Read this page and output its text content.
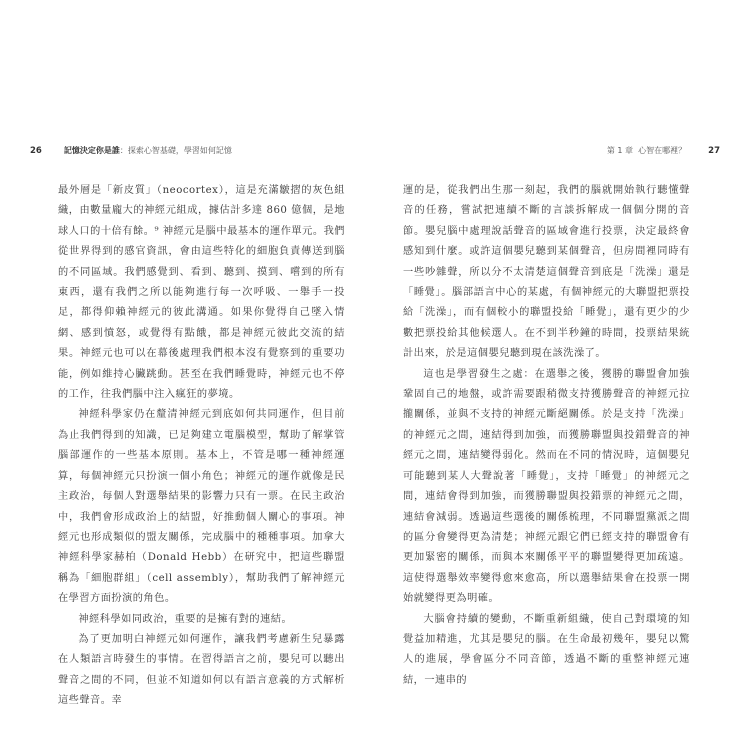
26	記憶決定你是誰：探索心智基礎，學習如何記憶

最外層是「新皮質」（neocortex），這是充滿皺摺的灰色組織，由數量龐大的神經元組成，據估計多達 860 億個，是地球人口的十倍有餘。⁹ 神經元是腦中最基本的運作單元。我們從世界得到的感官資訊，會由這些特化的細胞負責傳送到腦的不同區域。我們感覺到、看到、聽到、摸到、嚐到的所有東西，還有我們之所以能夠進行每一次呼吸、一舉手一投足，都得仰賴神經元的彼此溝通。如果你覺得自己墜入情網、感到憤怒，或覺得有點餓，都是神經元彼此交流的結果。神經元也可以在幕後處理我們根本沒有覺察到的重要功能，例如維持心臟跳動。甚至在我們睡覺時，神經元也不停的工作，往我們腦中注入瘋狂的夢境。

神經科學家仍在釐清神經元到底如何共同運作，但目前為止我們得到的知識，已足夠建立電腦模型，幫助了解掌管腦部運作的一些基本原則。基本上，不管是哪一種神經運算，每個神經元只扮演一個小角色；神經元的運作就像是民主政治，每個人對選舉結果的影響力只有一票。在民主政治中，我們會形成政治上的結盟，好推動個人關心的事項。神經元也形成類似的盟友關係，完成腦中的種種事項。加拿大神經科學家赫柏（Donald Hebb）在研究中，把這些聯盟稱為「細胞群組」（cell assembly），幫助我們了解神經元在學習方面扮演的角色。

神經科學如同政治，重要的是擁有對的連結。

為了更加明白神經元如何運作，讓我們考慮新生兒暴露在人類語言時發生的事情。在習得語言之前，嬰兒可以聽出聲音之間的不同，但並不知道如何以有語言意義的方式解析這些聲音。幸

第 1 章 心智在哪裡？	27

運的是，從我們出生那一刻起，我們的腦就開始執行聽懂聲音的任務，嘗試把連續不斷的言談拆解成一個個分開的音節。嬰兒腦中處理說話聲音的區域會進行投票，決定最終會感知到什麼。或許這個嬰兒聽到某個聲音，但房間裡同時有一些吵雜聲，所以分不太清楚這個聲音到底是「洗澡」還是「睡覺」。腦部語言中心的某處，有個神經元的大聯盟把票投給「洗澡」，而有個較小的聯盟投給「睡覺」，還有更少的少數把票投給其他候選人。在不到半秒鐘的時間，投票結果統計出來，於是這個嬰兒聽到現在該洗澡了。

這也是學習發生之處：在選舉之後，獲勝的聯盟會加強鞏固自己的地盤，或許需要跟稍微支持獲勝聲音的神經元拉攏關係，並與不支持的神經元斷絕關係。於是支持「洗澡」的神經元之間，連結得到加強，而獲勝聯盟與投錯聲音的神經元之間，連結變得弱化。然而在不同的情況時，這個嬰兒可能聽到某人大聲說著「睡覺」，支持「睡覺」的神經元之間，連結會得到加強，而獲勝聯盟與投錯票的神經元之間，連結會減弱。透過這些選後的關係梳理，不同聯盟黨派之間的區分會變得更為清楚；神經元跟它們已經支持的聯盟會有更加緊密的關係，而與本來關係平平的聯盟變得更加疏遠。這使得選舉效率變得愈來愈高，所以選舉結果會在投票一開始就變得更為明確。

大腦會持續的變動，不斷重新組織，使自己對環境的知覺益加精進，尤其是嬰兒的腦。在生命最初幾年，嬰兒以驚人的進展，學會區分不同音節，透過不斷的重整神經元連結，一連串的
